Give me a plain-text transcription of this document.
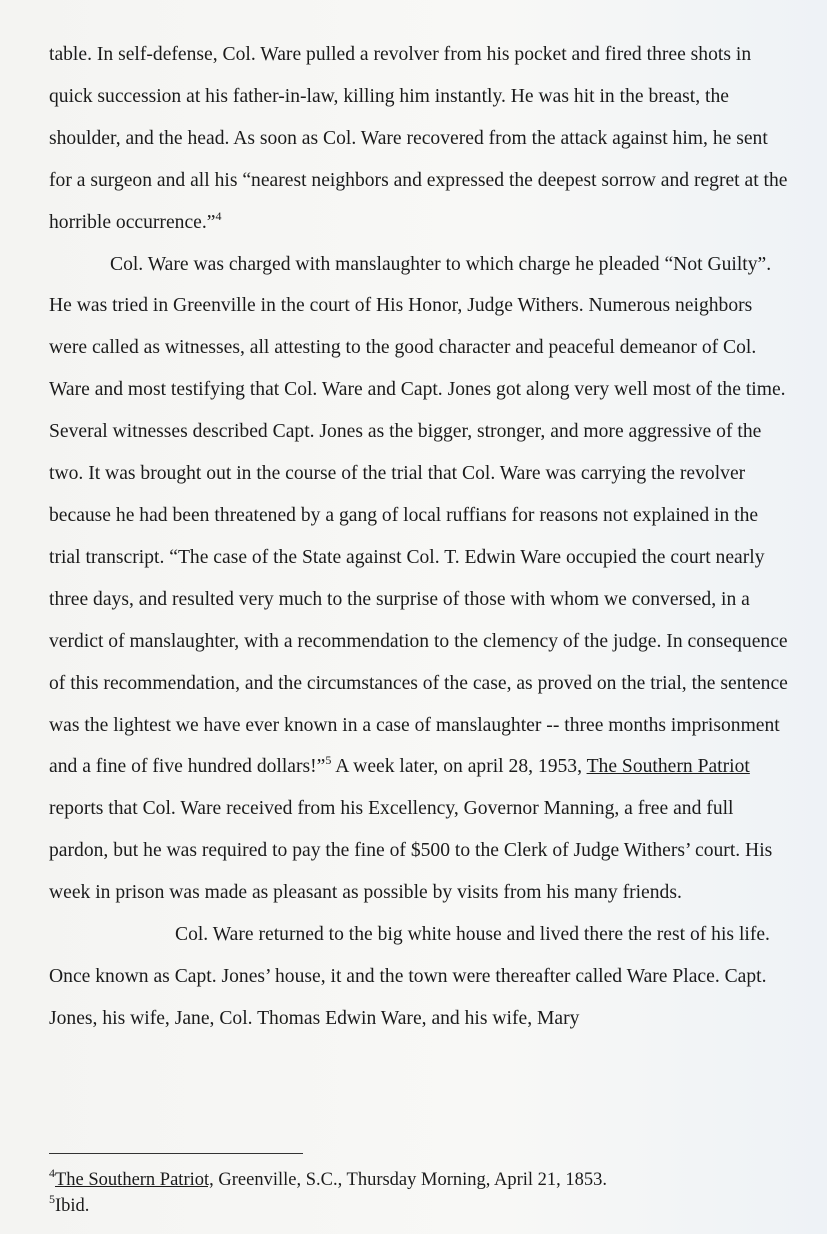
table. In self-defense, Col. Ware pulled a revolver from his pocket and fired three shots in quick succession at his father-in-law, killing him instantly. He was hit in the breast, the shoulder, and the head. As soon as Col. Ware recovered from the attack against him, he sent for a surgeon and all his “nearest neighbors and expressed the deepest sorrow and regret at the horrible occurrence.”$^4$

Col. Ware was charged with manslaughter to which charge he pleaded “Not Guilty”. He was tried in Greenville in the court of His Honor, Judge Withers. Numerous neighbors were called as witnesses, all attesting to the good character and peaceful demeanor of Col. Ware and most testifying that Col. Ware and Capt. Jones got along very well most of the time. Several witnesses described Capt. Jones as the bigger, stronger, and more aggressive of the two. It was brought out in the course of the trial that Col. Ware was carrying the revolver because he had been threatened by a gang of local ruffians for reasons not explained in the trial transcript. “The case of the State against Col. T. Edwin Ware occupied the court nearly three days, and resulted very much to the surprise of those with whom we conversed, in a verdict of manslaughter, with a recommendation to the clemency of the judge. In consequence of this recommendation, and the circumstances of the case, as proved on the trial, the sentence was the lightest we have ever known in a case of manslaughter -- three months imprisonment and a fine of five hundred dollars!”$^5$ A week later, on april 28, 1953, The Southern Patriot reports that Col. Ware received from his Excellency, Governor Manning, a free and full pardon, but he was required to pay the fine of $500 to the Clerk of Judge Withers’ court. His week in prison was made as pleasant as possible by visits from his many friends.

Col. Ware returned to the big white house and lived there the rest of his life. Once known as Capt. Jones’ house, it and the town were thereafter called Ware Place. Capt. Jones, his wife, Jane, Col. Thomas Edwin Ware, and his wife, Mary

$^4$The Southern Patriot, Greenville, S.C., Thursday Morning, April 21, 1853.

$^5$Ibid.
